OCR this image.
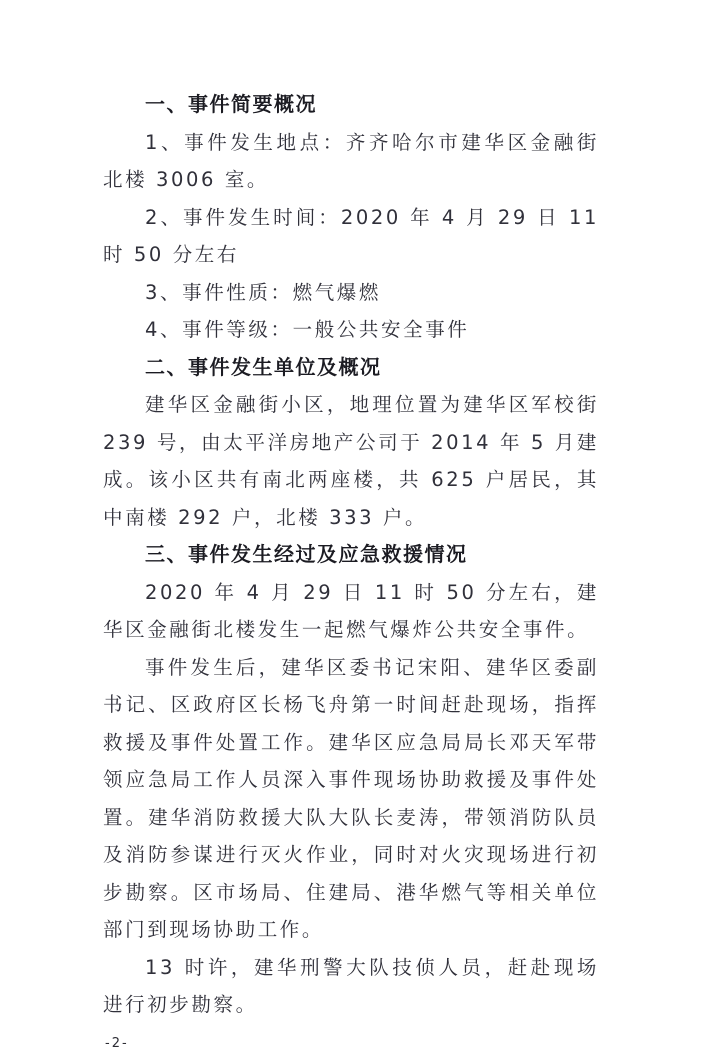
一、事件简要概况

1、事件发生地点：齐齐哈尔市建华区金融街北楼 3006 室。

2、事件发生时间：2020 年 4 月 29 日 11 时 50 分左右

3、事件性质：燃气爆燃

4、事件等级：一般公共安全事件

二、事件发生单位及概况

建华区金融街小区，地理位置为建华区军校街 239 号，由太平洋房地产公司于 2014 年 5 月建成。该小区共有南北两座楼，共 625 户居民，其中南楼 292 户，北楼 333 户。

三、事件发生经过及应急救援情况

2020 年 4 月 29 日 11 时 50 分左右，建华区金融街北楼发生一起燃气爆炸公共安全事件。

事件发生后，建华区委书记宋阳、建华区委副书记、区政府区长杨飞舟第一时间赶赴现场，指挥救援及事件处置工作。建华区应急局局长邓天军带领应急局工作人员深入事件现场协助救援及事件处置。建华消防救援大队大队长麦涛，带领消防队员及消防参谋进行灭火作业，同时对火灾现场进行初步勘察。区市场局、住建局、港华燃气等相关单位部门到现场协助工作。

13 时许，建华刑警大队技侦人员，赶赴现场进行初步勘察。

-2-
